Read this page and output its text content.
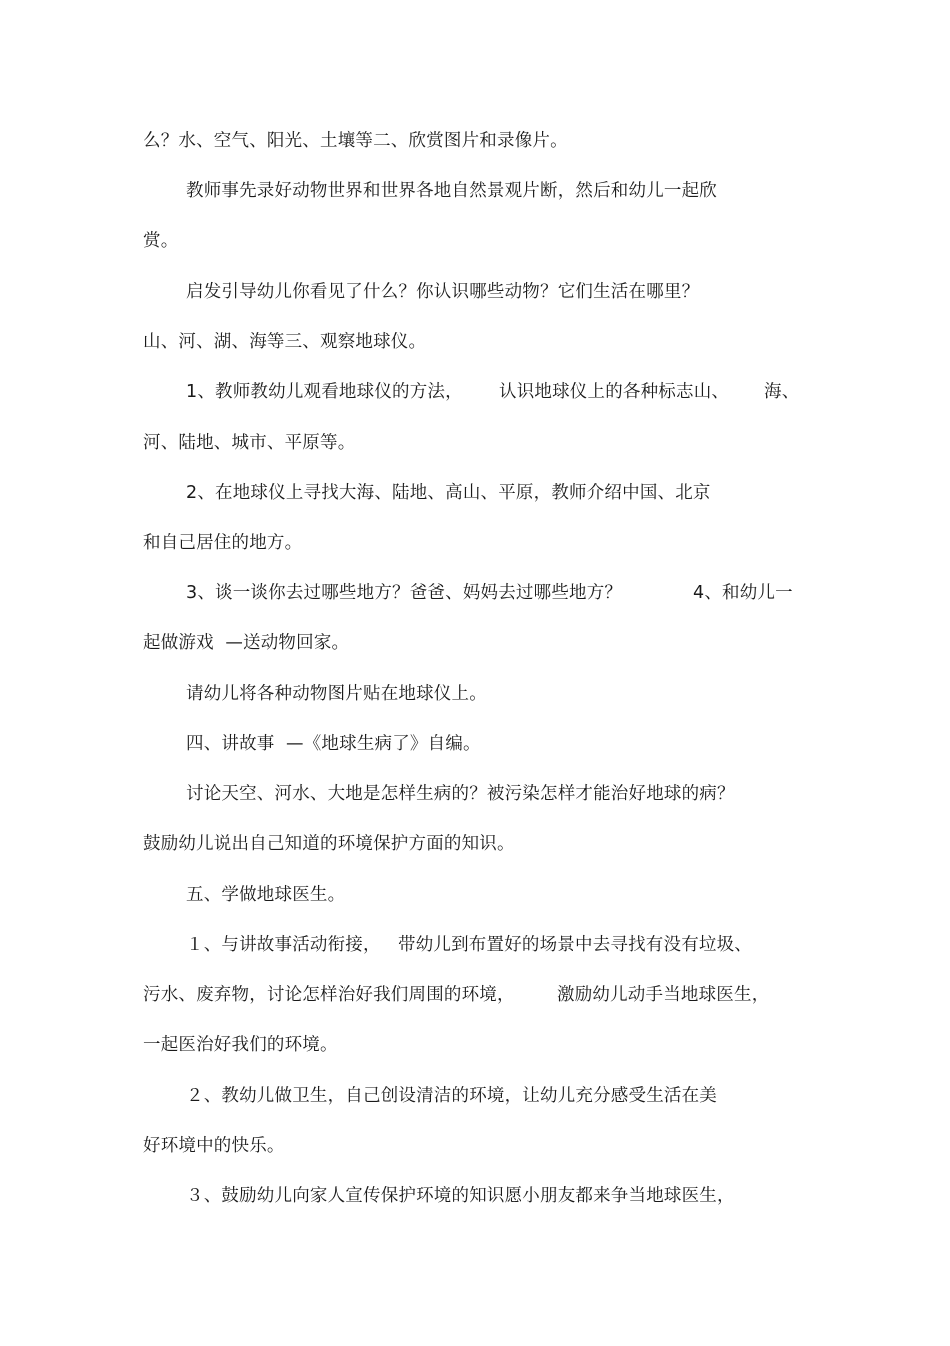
么？水、空气、阳光、土壤等二、欣赏图片和录像片。
教师事先录好动物世界和世界各地自然景观片断，然后和幼儿一起欣
赏。
启发引导幼儿你看见了什么？你认识哪些动物？它们生活在哪里？
山、河、湖、海等三、观察地球仪。
1、教师教幼儿观看地球仪的方法， 认识地球仪上的各种标志山、 海、
河、陆地、城市、平原等。
2、在地球仪上寻找大海、陆地、高山、平原，教师介绍中国、北京
和自己居住的地方。
3、谈一谈你去过哪些地方？爸爸、妈妈去过哪些地方？	4、和幼儿一
起做游戏  —送动物回家。
请幼儿将各种动物图片贴在地球仪上。
四、讲故事  —《地球生病了》自编。
讨论天空、河水、大地是怎样生病的？被污染怎样才能治好地球的病？
鼓励幼儿说出自己知道的环境保护方面的知识。
五、学做地球医生。
１、与讲故事活动衔接， 带幼儿到布置好的场景中去寻找有没有垃圾、
污水、废弃物，讨论怎样治好我们周围的环境， 激励幼儿动手当地球医生，
一起医治好我们的环境。
２、教幼儿做卫生，自己创设清洁的环境，让幼儿充分感受生活在美
好环境中的快乐。
３、鼓励幼儿向家人宣传保护环境的知识愿小朋友都来争当地球医生，
